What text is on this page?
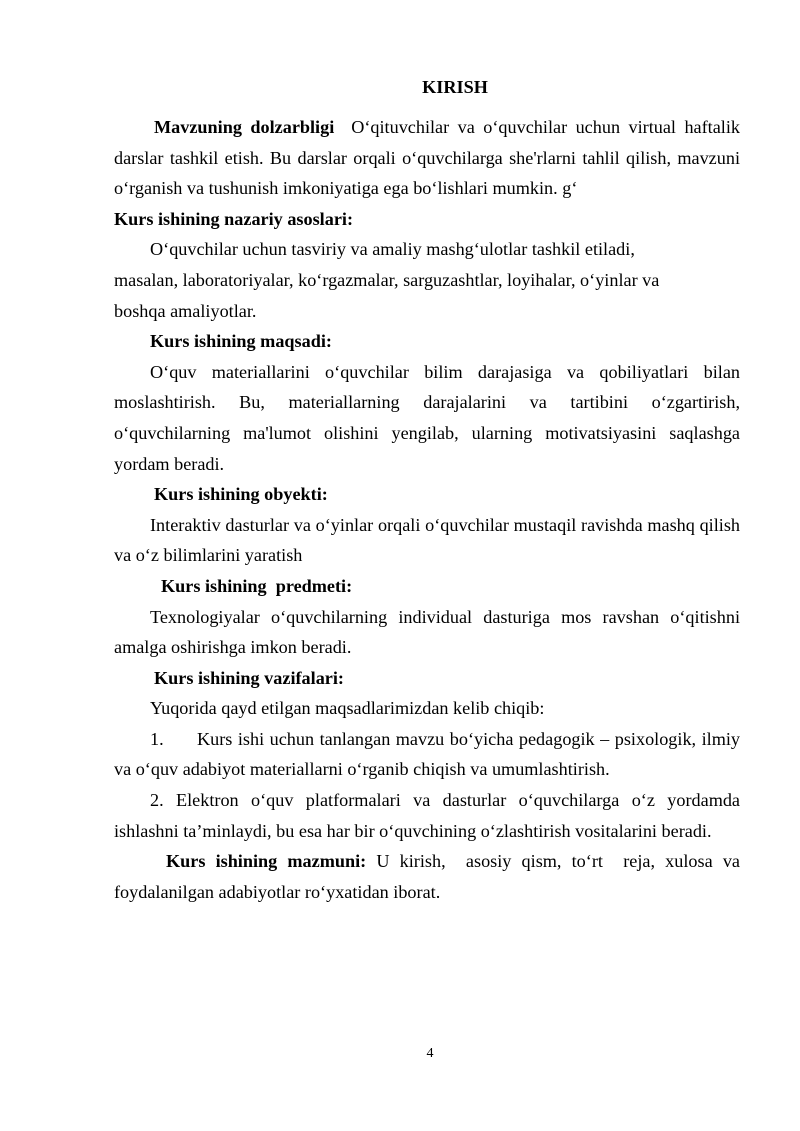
KIRISH

Mavzuning dolzarbligi O‘qituvchilar va o‘quvchilar uchun virtual haftalik darslar tashkil etish. Bu darslar orqali o‘quvchilarga she'rlarni tahlil qilish, mavzuni o‘rganish va tushunish imkoniyatiga ega bo‘lishlari mumkin. g‘

Kurs ishining nazariy asoslari:

O‘quvchilar uchun tasviriy va amaliy mashg‘ulotlar tashkil etiladi, masalan, laboratoriyalar, ko‘rgazmalar, sarguzashtlar, loyihalar, o‘yinlar va boshqa amaliyotlar.

Kurs ishining maqsadi:

O‘quv materiallarini o‘quvchilar bilim darajasiga va qobiliyatlari bilan moslashtirish. Bu, materiallarning darajalarini va tartibini o‘zgartirish, o‘quvchilarning ma'lumot olishini yengilab, ularning motivatsiyasini saqlashga yordam beradi.

Kurs ishining obyekti:

Interaktiv dasturlar va o‘yinlar orqali o‘quvchilar mustaqil ravishda mashq qilish va o‘z bilimlarini yaratish

Kurs ishining  predmeti:

Texnologiyalar o‘quvchilarning individual dasturiga mos ravshan o‘qitishni amalga oshirishga imkon beradi.

Kurs ishining vazifalari:

Yuqorida qayd etilgan maqsadlarimizdan kelib chiqib:

1. Kurs ishi uchun tanlangan mavzu bo‘yicha pedagogik – psixologik, ilmiy va o‘quv adabiyot materiallarni o‘rganib chiqish va umumlashtirish.

2. Elektron o‘quv platformalari va dasturlar o‘quvchilarga o‘z yordamda ishlashni ta’minlaydi, bu esa har bir o‘quvchining o‘zlashtirish vositalarini beradi.

Kurs ishining mazmuni: U kirish,  asosiy qism, to‘rt  reja, xulosa va foydalanilgan adabiyotlar ro‘yxatidan iborat.

4
